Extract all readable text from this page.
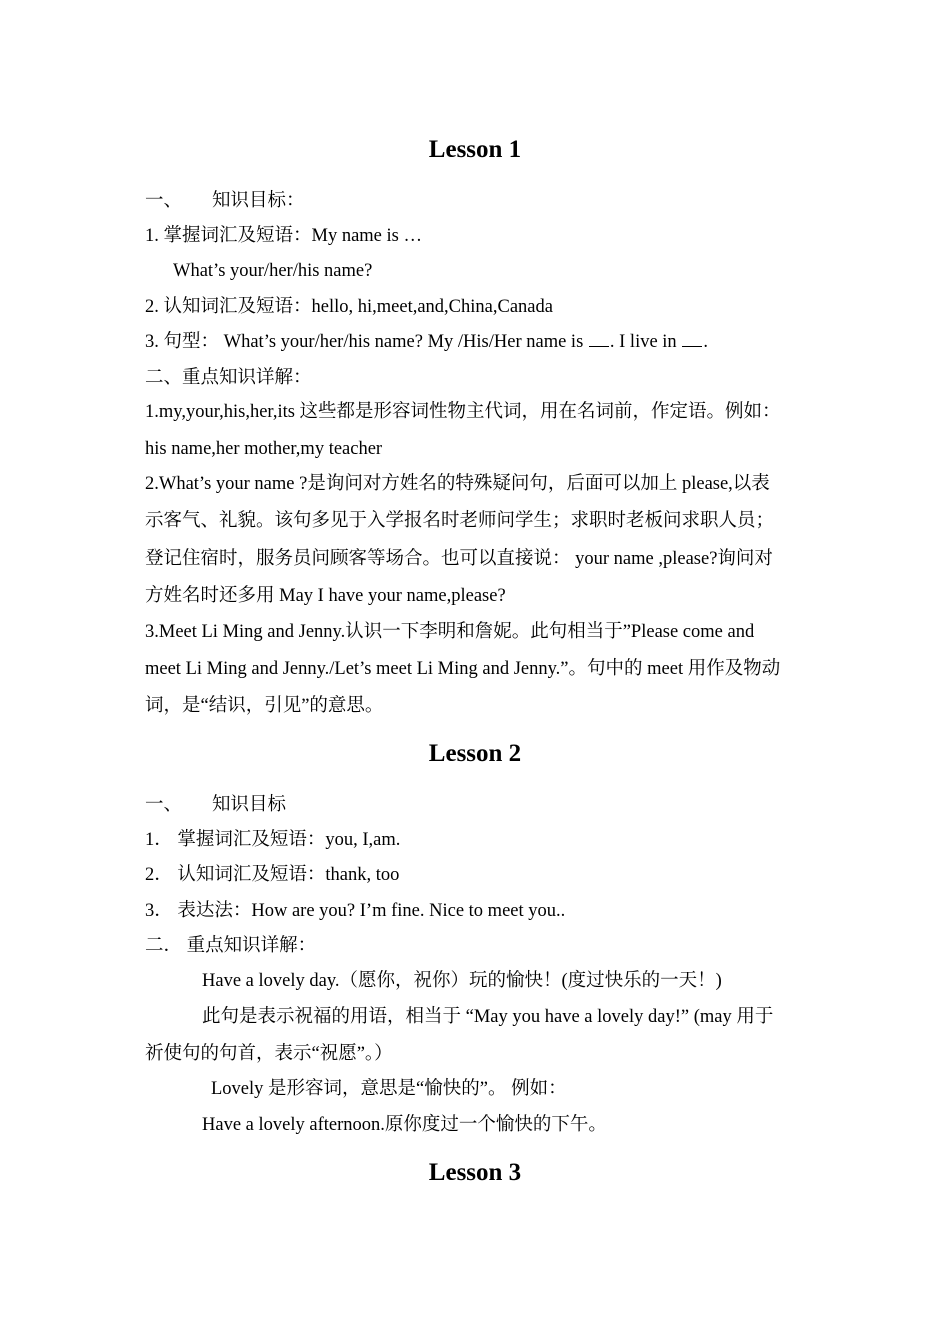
Lesson 1
一、 知识目标：
1. 掌握词汇及短语：My name is …
What’s your/her/his name?
2. 认知词汇及短语：hello, hi,meet,and,China,Canada
3. 句型： What’s your/her/his name? My /His/Her name is . I live in .
二、重点知识详解：
1.my,your,his,her,its 这些都是形容词性物主代词，用在名词前，作定语。例如：
his name,her mother,my teacher
2.What’s your name ?是询问对方姓名的特殊疑问句，后面可以加上 please,以表
示客气、礼貌。该句多见于入学报名时老师问学生；求职时老板问求职人员；
登记住宿时，服务员问顾客等场合。也可以直接说： your name ,please?询问对
方姓名时还多用 May I have your name,please?
3.Meet Li Ming and Jenny.认识一下李明和詹妮。此句相当于”Please come and
meet Li Ming and Jenny./Let’s meet Li Ming and Jenny.”。句中的 meet 用作及物动
词，是“结识，引见”的意思。
Lesson 2
一、 知识目标
1． 掌握词汇及短语：you, I,am.
2． 认知词汇及短语：thank, too
3． 表达法：How are you? I’m fine. Nice to meet you..
二． 重点知识详解：
Have a lovely day.（愿你，祝你）玩的愉快！(度过快乐的一天！)
此句是表示祝福的用语，相当于 “May you have a lovely day!” (may 用于
祈使句的句首，表示“祝愿”。）
Lovely 是形容词，意思是“愉快的”。 例如：
Have a lovely afternoon.原你度过一个愉快的下午。
Lesson 3
